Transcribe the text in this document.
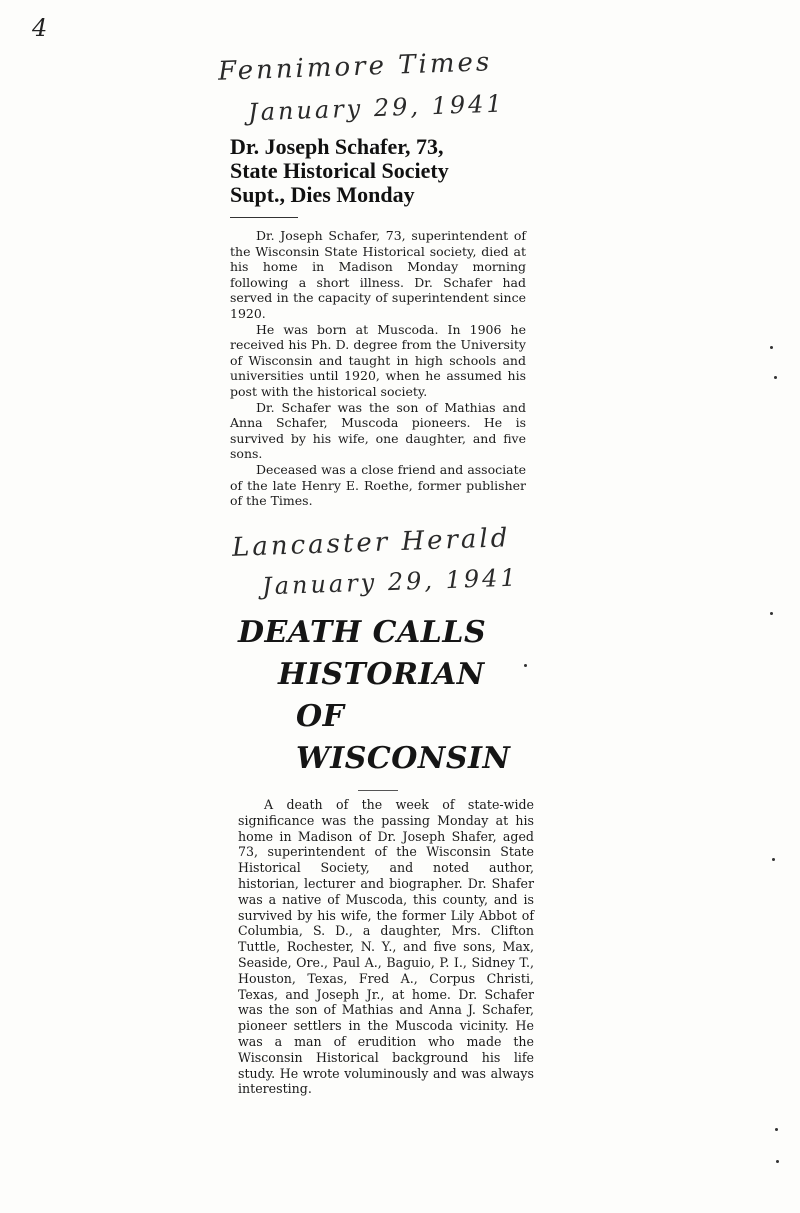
4
Fennimore Times
January 29, 1941
Dr. Joseph Schafer, 73,
State Historical Society
Supt., Dies Monday

Dr. Joseph Schafer, 73, superintendent of the Wisconsin State Historical society, died at his home in Madison Monday morning following a short illness. Dr. Schafer had served in the capacity of superintendent since 1920.

He was born at Muscoda. In 1906 he received his Ph. D. degree from the University of Wisconsin and taught in high schools and universities until 1920, when he assumed his post with the historical society.

Dr. Schafer was the son of Mathias and Anna Schafer, Muscoda pioneers. He is survived by his wife, one daughter, and five sons.

Deceased was a close friend and associate of the late Henry E. Roethe, former publisher of the Times.

Lancaster Herald
January 29, 1941
DEATH CALLS
HISTORIAN
OF WISCONSIN

A death of the week of state-wide significance was the passing Monday at his home in Madison of Dr. Joseph Shafer, aged 73, superintendent of the Wisconsin State Historical Society, and noted author, historian, lecturer and biographer. Dr. Shafer was a native of Muscoda, this county, and is survived by his wife, the former Lily Abbot of Columbia, S. D., a daughter, Mrs. Clifton Tuttle, Rochester, N. Y., and five sons, Max, Seaside, Ore., Paul A., Baguio, P. I., Sidney T., Houston, Texas, Fred A., Corpus Christi, Texas, and Joseph Jr., at home. Dr. Schafer was the son of Mathias and Anna J. Schafer, pioneer settlers in the Muscoda vicinity. He was a man of erudition who made the Wisconsin Historical background his life study. He wrote voluminously and was always interesting.
